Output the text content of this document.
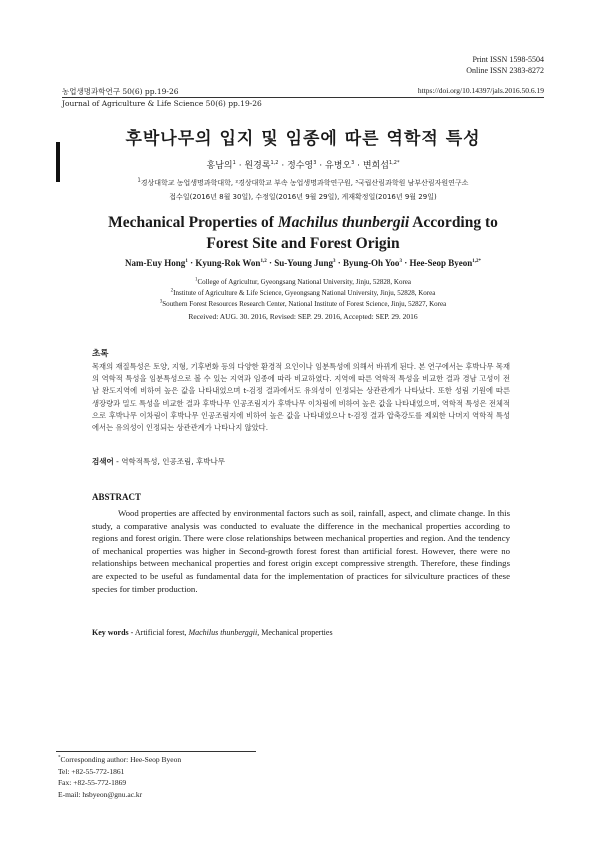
Print ISSN 1598-5504
Online ISSN 2383-8272
농업생명과학연구 50(6) pp.19-26	https://doi.org/10.14397/jals.2016.50.6.19
Journal of Agriculture & Life Science 50(6) pp.19-26
후박나무의 입지 및 임종에 따른 역학적 특성
홍남의$^1$ · 원경록$^{1,2}$ · 정수영$^3$ · 유병오$^3$ · 변희섭$^{1,2*}$
$^1$경상대학교 농업생명과학대학, ²경상대학교 부속 농업생명과학연구원, ³국립산림과학원 남부산림자원연구소
접수일(2016년 8월 30일), 수정일(2016년 9월 29일), 게재확정일(2016년 9월 29일)
Mechanical Properties of Machilus thunbergii According to
Forest Site and Forest Origin
Nam-Euy Hong$^1$ · Kyung-Rok Won$^{1,2}$ · Su-Young Jung$^3$ · Byung-Oh Yoo$^3$ · Hee-Seop Byeon$^{1,2*}$
$^1$College of Agricultur, Gyeongsang National University, Jinju, 52828, Korea
$^2$Institute of Agriculture & Life Science, Gyeongsang National University, Jinju, 52828, Korea
$^3$Southern Forest Resources Research Center, National Institute of Forest Science, Jinju, 52827, Korea
Received: AUG. 30. 2016, Revised: SEP. 29. 2016, Accepted: SEP. 29. 2016
초록
목재의 재질특성은 토양, 지형, 기후변화 등의 다양한 환경적 요인이나 임분특성에 의해서 바뀌게 된다. 본 연구에서는 후박나무 목재의 역학적 특성을 임분특성으로 볼 수 있는 지역과 임종에 따라 비교하였다. 지역에 따른 역학적 특성을 비교한 결과 경남 고성이 전남 완도지역에 비하여 높은 값을 나타내었으며 t-검정 결과에서도 유의성이 인정되는 상관관계가 나타났다. 또한 성림 기원에 따른 생장량과 밀도 특성을 비교한 결과 후박나무 인공조림지가 후박나무 이차림에 비하여 높은 값을 나타내었으며, 역학적 특성은 전체적으로 후박나무 이차림이 후박나무 인공조림지에 비하여 높은 값을 나타내었으나 t-검정 결과 압축강도를 제외한 나머지 역학적 특성에서는 유의성이 인정되는 상관관계가 나타나지 않았다.
검색어 - 역학적특성, 인공조림, 후박나무
ABSTRACT

Wood properties are affected by environmental factors such as soil, rainfall, aspect, and climate change. In this study, a comparative analysis was conducted to evaluate the difference in the mechanical properties according to regions and forest origin. There were close relationships between mechanical properties and region. And the tendency of mechanical properties was higher in Second-growth forest forest than artificial forest. However, there were no relationships between mechanical properties and forest origin except compressive strength. Therefore, these findings are expected to be useful as fundamental data for the implementation of practices for silviculture practices of these species for timber production.

Key words - Artificial forest, Machilus thunberggii, Mechanical properties
*Corresponding author: Hee-Seop Byeon
Tel: +82-55-772-1861
Fax: +82-55-772-1869
E-mail: hsbyeon@gnu.ac.kr
